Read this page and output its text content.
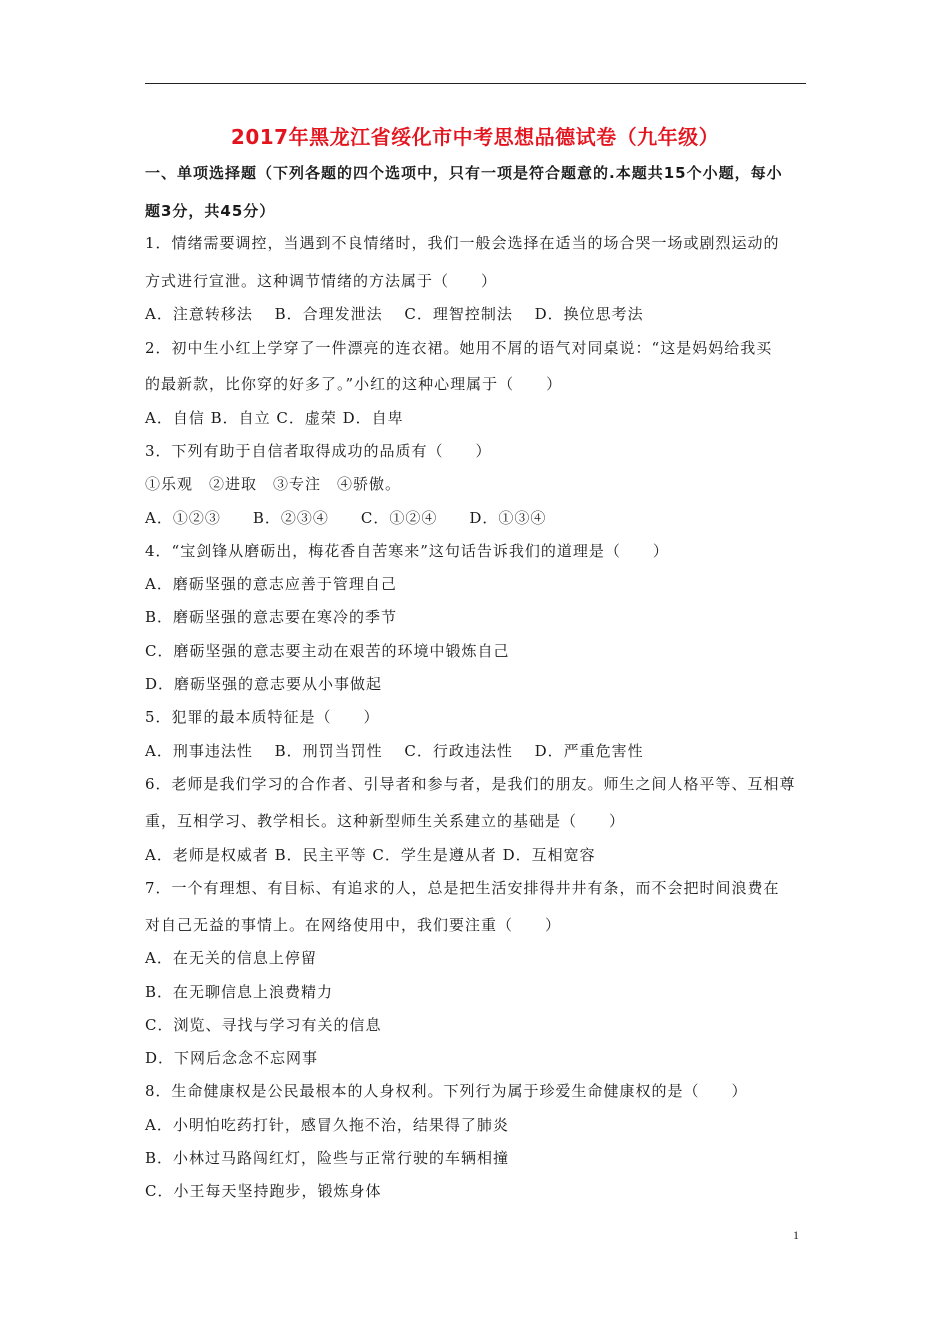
2017年黑龙江省绥化市中考思想品德试卷（九年级）
一、单项选择题（下列各题的四个选项中，只有一项是符合题意的.本题共15个小题，每小
题3分，共45分）
1．情绪需要调控，当遇到不良情绪时，我们一般会选择在适当的场合哭一场或剧烈运动的
方式进行宣泄。这种调节情绪的方法属于（　　）
A．注意转移法　 B．合理发泄法　 C．理智控制法　 D．换位思考法
2．初中生小红上学穿了一件漂亮的连衣裙。她用不屑的语气对同桌说：“这是妈妈给我买
的最新款，比你穿的好多了。”小红的这种心理属于（　　）
A．自信 B．自立 C．虚荣 D．自卑
3．下列有助于自信者取得成功的品质有（　　）
①乐观　②进取　③专注　④骄傲。
A．①②③　　B．②③④　　C．①②④　　D．①③④
4．“宝剑锋从磨砺出，梅花香自苦寒来”这句话告诉我们的道理是（　　）
A．磨砺坚强的意志应善于管理自己
B．磨砺坚强的意志要在寒冷的季节
C．磨砺坚强的意志要主动在艰苦的环境中锻炼自己
D．磨砺坚强的意志要从小事做起
5．犯罪的最本质特征是（　　）
A．刑事违法性　 B．刑罚当罚性　 C．行政违法性　 D．严重危害性
6．老师是我们学习的合作者、引导者和参与者，是我们的朋友。师生之间人格平等、互相尊
重，互相学习、教学相长。这种新型师生关系建立的基础是（　　）
A．老师是权威者 B．民主平等 C．学生是遵从者 D．互相宽容
7．一个有理想、有目标、有追求的人，总是把生活安排得井井有条，而不会把时间浪费在
对自己无益的事情上。在网络使用中，我们要注重（　　）
A．在无关的信息上停留
B．在无聊信息上浪费精力
C．浏览、寻找与学习有关的信息
D．下网后念念不忘网事
8．生命健康权是公民最根本的人身权利。下列行为属于珍爱生命健康权的是（　　）
A．小明怕吃药打针，感冒久拖不治，结果得了肺炎
B．小林过马路闯红灯，险些与正常行驶的车辆相撞
C．小王每天坚持跑步，锻炼身体
1
